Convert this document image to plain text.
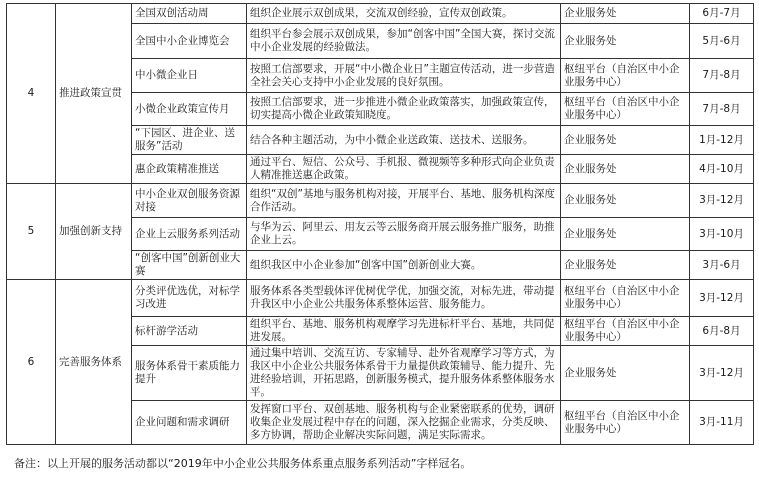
4	推进政策宣贯	全国双创活动周	组织企业展示双创成果，交流双创经验，宣传双创政策。	企业服务处	6月-7月
		全国中小企业博览会	组织平台参会展示双创成果，参加“创客中国”全国大赛，探讨交流中小企业发展的经验做法。	企业服务处	5月-6月
		中小微企业日	按照工信部要求，开展“中小微企业日”主题宣传活动，进一步营造全社会关心支持中小企业发展的良好氛围。	枢纽平台（自治区中小企业服务中心）	7月-8月
		小微企业政策宣传月	按照工信部要求，进一步推进小微企业政策落实，加强政策宣传，切实提高小微企业政策知晓度。	枢纽平台（自治区中小企业服务中心）	7月-8月
		“下园区、进企业、送服务”活动	结合各种主题活动，为中小微企业送政策、送技术、送服务。	企业服务处	1月-12月
		惠企政策精准推送	通过平台、短信、公众号、手机报、微视频等多种形式向企业负责人精准推送惠企政策。	企业服务处	4月-10月
5	加强创新支持	中小企业双创服务资源对接	组织“双创”基地与服务机构对接，开展平台、基地、服务机构深度合作活动。	企业服务处	3月-12月
		企业上云服务系列活动	与华为云、阿里云、用友云等云服务商开展云服务推广服务，助推企业上云。	企业服务处	3月-10月
		“创客中国”创新创业大赛	组织我区中小企业参加“创客中国”创新创业大赛。	企业服务处	3月-6月
6	完善服务体系	分类评优选优，对标学习改进	服务体系各类型载体评优树优学优，加强交流，对标先进，带动提升我区中小企业公共服务体系整体运营、服务能力。	枢纽平台（自治区中小企业服务中心）	3月-12月
		标杆游学活动	组织平台、基地、服务机构观摩学习先进标杆平台、基地，共同促进发展。	枢纽平台（自治区中小企业服务中心）	6月-8月
		服务体系骨干素质能力提升	通过集中培训、交流互访、专家辅导、赴外省观摩学习等方式，为我区中小企业公共服务体系骨干力量提供政策辅导、能力提升、先进经验培训，开拓思路，创新服务模式，提升服务体系整体服务水平。	企业服务处	3月-12月
		企业问题和需求调研	发挥窗口平台、双创基地、服务机构与企业紧密联系的优势，调研收集企业发展过程中存在的问题，深入挖掘企业需求，分类反映、多方协调，帮助企业解决实际问题，满足实际需求。	枢纽平台（自治区中小企业服务中心）	3月-11月
备注：以上开展的服务活动都以“2019年中小企业公共服务体系重点服务系列活动”字样冠名。
